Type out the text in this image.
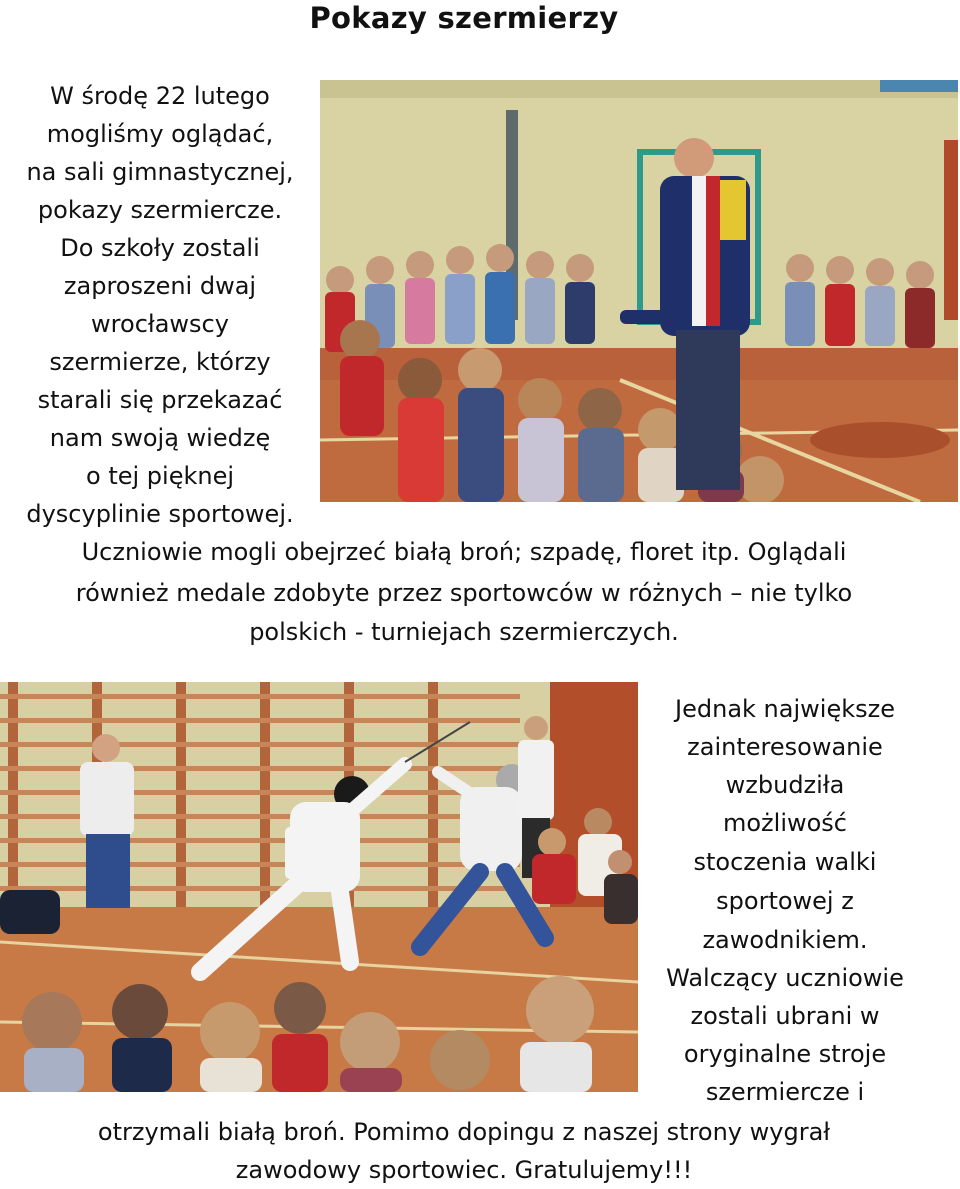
Pokazy szermierzy
W środę 22 lutego
mogliśmy oglądać,
na sali gimnastycznej,
pokazy szermiercze.
Do szkoły zostali
zaproszeni dwaj
wrocławscy
szermierze, którzy
starali się przekazać
nam swoją wiedzę
o tej pięknej
dyscyplinie sportowej.
Uczniowie mogli obejrzeć białą broń; szpadę, floret itp. Oglądali
również medale zdobyte przez sportowców w różnych – nie tylko
polskich - turniejach szermierczych.
Jednak największe
zainteresowanie
wzbudziła
możliwość
stoczenia walki
sportowej z
zawodnikiem.
Walczący uczniowie
zostali ubrani w
oryginalne stroje
szermiercze i
otrzymali białą broń. Pomimo dopingu z naszej strony wygrał
zawodowy sportowiec. Gratulujemy!!!
